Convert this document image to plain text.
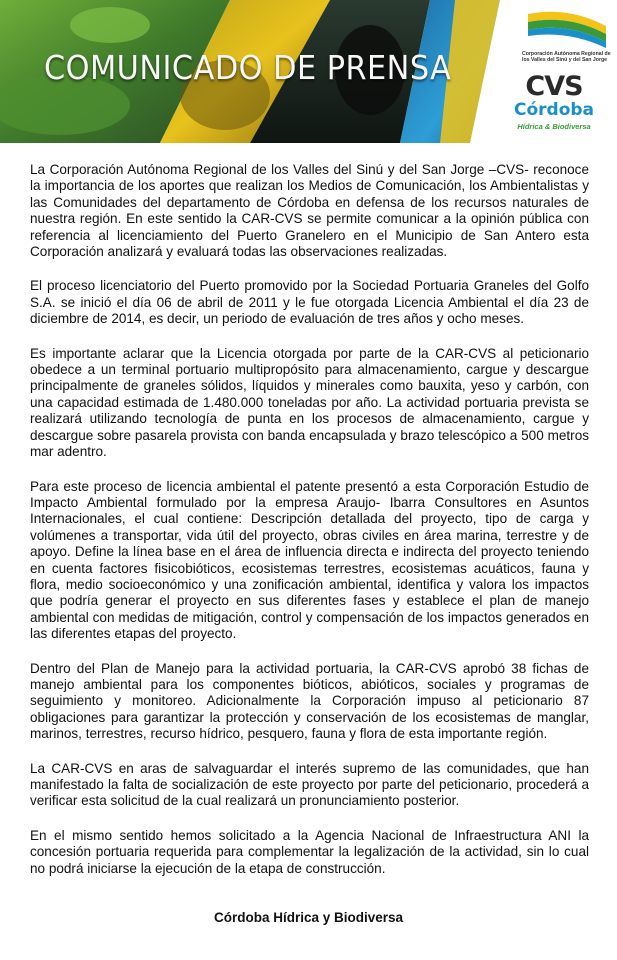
COMUNICADO DE PRENSA	Corporación Autónoma Regional de los Valles del Sinú y del San Jorge
CVS
Córdoba
Hídrica & Biodiversa

La Corporación Autónoma Regional de los Valles del Sinú y del San Jorge –CVS- reconoce la importancia de los aportes que realizan los Medios de Comunicación, los Ambientalistas y las Comunidades del departamento de Córdoba en defensa de los recursos naturales de nuestra región. En este sentido la CAR-CVS se permite comunicar a la opinión pública con referencia al licenciamiento del Puerto Granelero en el Municipio de San Antero esta Corporación analizará y evaluará todas las observaciones realizadas.

El proceso licenciatorio del Puerto promovido por la Sociedad Portuaria Graneles del Golfo S.A. se inició el día 06 de abril de 2011 y le fue otorgada Licencia Ambiental el día 23 de diciembre de 2014, es decir, un periodo de evaluación de tres años y ocho meses.

Es importante aclarar que la Licencia otorgada por parte de la CAR-CVS al peticionario obedece a un terminal portuario multipropósito para almacenamiento, cargue y descargue principalmente de graneles sólidos, líquidos y minerales como bauxita, yeso y carbón, con una capacidad estimada de 1.480.000 toneladas por año. La actividad portuaria prevista se realizará utilizando tecnología de punta en los procesos de almacenamiento, cargue y descargue sobre pasarela provista con banda encapsulada y brazo telescópico a 500 metros mar adentro.

Para este proceso de licencia ambiental el patente presentó a esta Corporación Estudio de Impacto Ambiental formulado por la empresa Araujo- Ibarra Consultores en Asuntos Internacionales, el cual contiene: Descripción detallada del proyecto, tipo de carga y volúmenes a transportar, vida útil del proyecto, obras civiles en área marina, terrestre y de apoyo. Define la línea base en el área de influencia directa e indirecta del proyecto teniendo en cuenta factores fisicobióticos, ecosistemas terrestres, ecosistemas acuáticos, fauna y flora, medio socioeconómico y una zonificación ambiental, identifica y valora los impactos que podría generar el proyecto en sus diferentes fases y establece el plan de manejo ambiental con medidas de mitigación, control y compensación de los impactos generados en las diferentes etapas del proyecto.

Dentro del Plan de Manejo para la actividad portuaria, la CAR-CVS aprobó 38 fichas de manejo ambiental para los componentes bióticos, abióticos, sociales y programas de seguimiento y monitoreo. Adicionalmente la Corporación impuso al peticionario 87 obligaciones para garantizar la protección y conservación de los ecosistemas de manglar, marinos, terrestres, recurso hídrico, pesquero, fauna y flora de esta importante región.

La CAR-CVS en aras de salvaguardar el interés supremo de las comunidades, que han manifestado la falta de socialización de este proyecto por parte del peticionario, procederá a verificar esta solicitud de la cual realizará un pronunciamiento posterior.

En el mismo sentido hemos solicitado a la Agencia Nacional de Infraestructura ANI la concesión portuaria requerida para complementar la legalización de la actividad, sin lo cual no podrá iniciarse la ejecución de la etapa de construcción.

Córdoba Hídrica y Biodiversa
